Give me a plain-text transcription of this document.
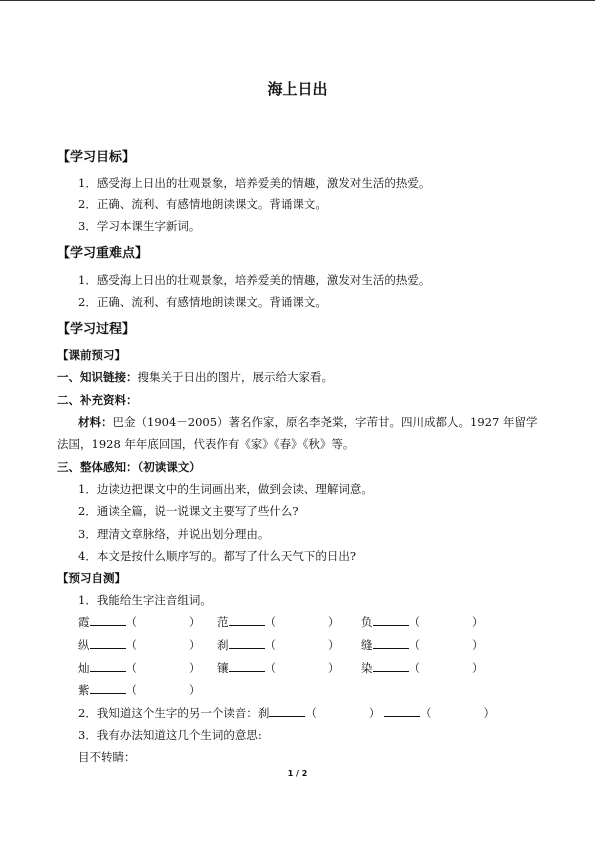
海上日出
【学习目标】
1．感受海上日出的壮观景象，培养爱美的情趣，激发对生活的热爱。
2．正确、流利、有感情地朗读课文。背诵课文。
3．学习本课生字新词。
【学习重难点】
1．感受海上日出的壮观景象，培养爱美的情趣，激发对生活的热爱。
2．正确、流利、有感情地朗读课文。背诵课文。
【学习过程】
【课前预习】
一、知识链接：搜集关于日出的图片，展示给大家看。
二、补充资料：
材料：巴金（1904－2005）著名作家，原名李尧棠，字芾甘。四川成都人。1927 年留学
法国，1928 年年底回国，代表作有《家》《春》《秋》等。
三、整体感知：（初读课文）
1．边读边把课文中的生词画出来，做到会读、理解词意。
2．通读全篇，说一说课文主要写了些什么?
3．理清文章脉络，并说出划分理由。
4．本文是按什么顺序写的。都写了什么天气下的日出?
【预习自测】
1．我能给生字注音组词。
霞	（	） 范	（	） 负	（	）
纵	（	） 刹	（	） 缝	（	）
灿	（	） 镶	（	） 染	（	）
紫	（	）
2．我知道这个生字的另一个读音：刹	（	）	（	）
3．我有办法知道这几个生词的意思:
目不转睛：
1 / 2
